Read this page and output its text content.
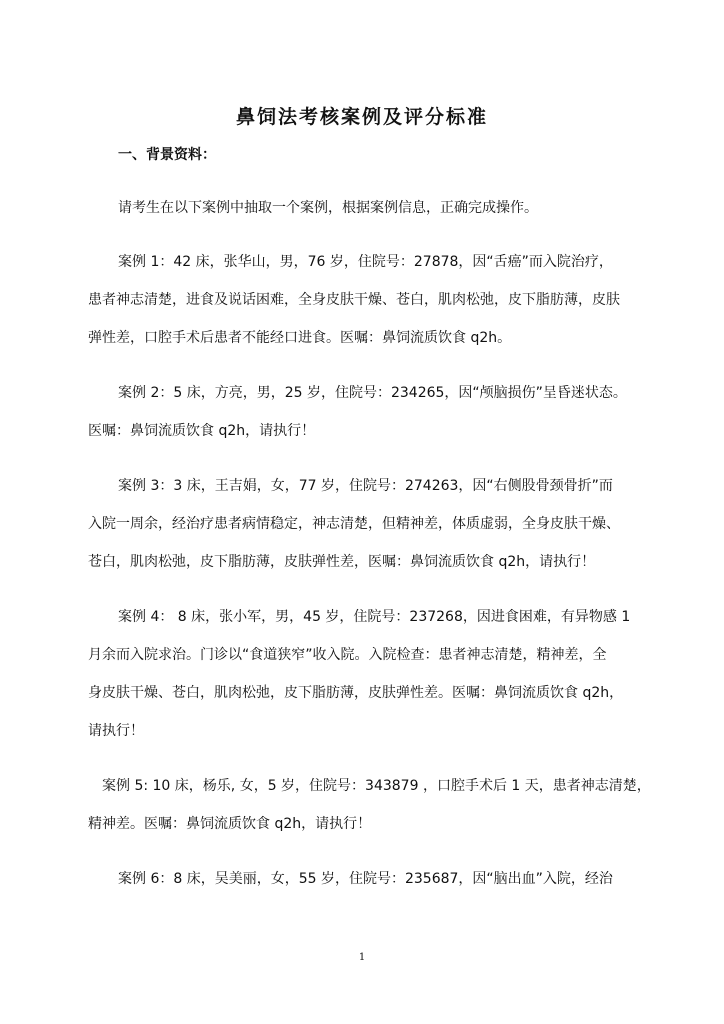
鼻饲法考核案例及评分标准
一、背景资料：

请考生在以下案例中抽取一个案例，根据案例信息，正确完成操作。

案例 1：42 床，张华山，男，76 岁，住院号：27878，因“舌癌”而入院治疗，

患者神志清楚，进食及说话困难，全身皮肤干燥、苍白，肌肉松弛，皮下脂肪薄，皮肤

弹性差，口腔手术后患者不能经口进食。医嘱：鼻饲流质饮食 q2h。

案例 2：5 床，方亮，男，25 岁，住院号：234265，因“颅脑损伤”呈昏迷状态。

医嘱：鼻饲流质饮食 q2h，请执行！

案例 3：3 床，王吉娟，女，77 岁，住院号：274263，因“右侧股骨颈骨折”而

入院一周余，经治疗患者病情稳定，神志清楚，但精神差，体质虚弱，全身皮肤干燥、

苍白，肌肉松弛，皮下脂肪薄，皮肤弹性差，医嘱：鼻饲流质饮食 q2h，请执行！

案例 4： 8 床，张小军，男，45 岁，住院号：237268，因进食困难，有异物感 1

月余而入院求治。门诊以“食道狭窄”收入院。入院检查：患者神志清楚，精神差，全

身皮肤干燥、苍白，肌肉松弛，皮下脂肪薄，皮肤弹性差。医嘱：鼻饲流质饮食 q2h，

请执行！

案例 5: 10 床，杨乐, 女，5 岁，住院号：343879 ，口腔手术后 1 天，患者神志清楚，

精神差。医嘱：鼻饲流质饮食 q2h，请执行！

案例 6：8 床，吴美丽，女，55 岁，住院号：235687，因“脑出血”入院，经治

1
